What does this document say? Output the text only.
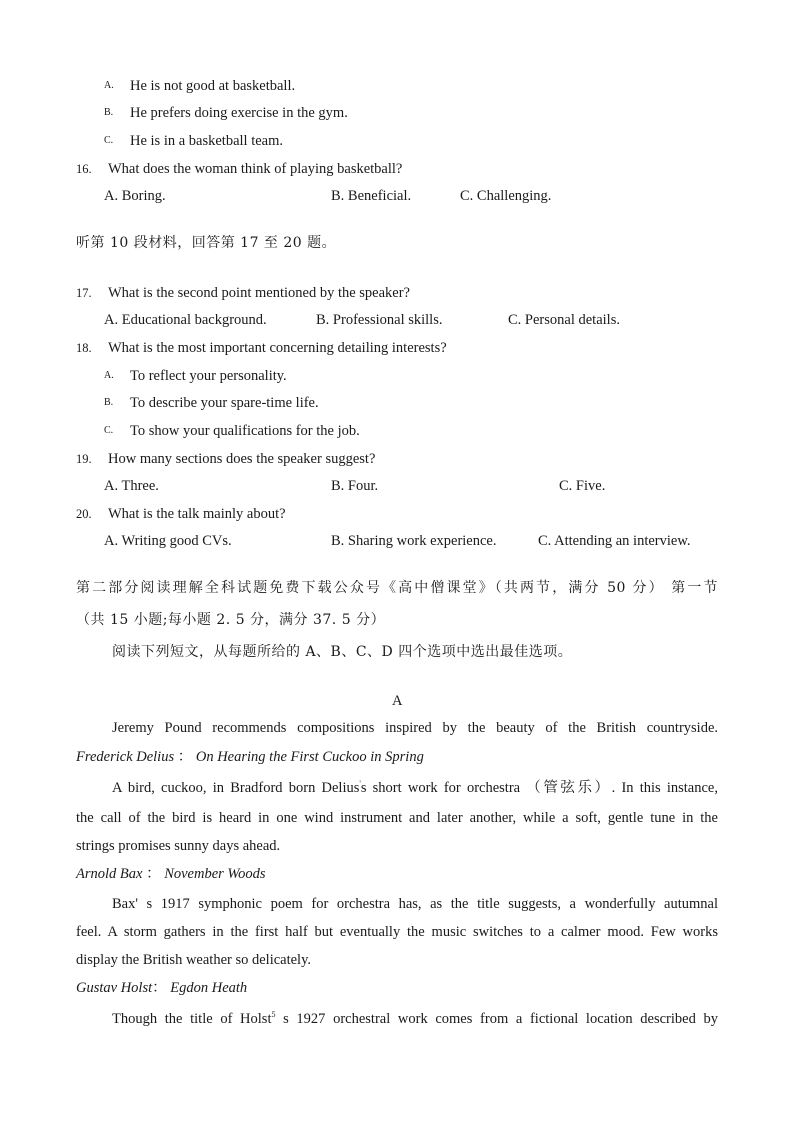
A. He is not good at basketball.
B. He prefers doing exercise in the gym.
C. He is in a basketball team.
16. What does the woman think of playing basketball?
A. Boring.	B. Beneficial.	C. Challenging.
听第 10 段材料，回答第 17 至 20 题。
17. What is the second point mentioned by the speaker?
A. Educational background.	B. Professional skills.	C. Personal details.
18. What is the most important concerning detailing interests?
A. To reflect your personality.
B. To describe your spare-time life.
C. To show your qualifications for the job.
19. How many sections does the speaker suggest?
A. Three.	B. Four.	C. Five.
20. What is the talk mainly about?
A. Writing good CVs.	B. Sharing work experience.	C. Attending an interview.
第二部分阅读理解全科试题免费下载公众号《高中僧课堂》（共两节，满分 50 分） 第一节
（共 15 小题;每小题 2. 5 分，满分 37. 5 分）
阅读下列短文，从每题所给的 A、B、C、D 四个选项中选出最佳选项。
A
Jeremy Pound recommends compositions inspired by the beauty of the British countryside.
Frederick Delius ： On Hearing the First Cuckoo in Spring
A bird, cuckoo, in Bradford born Delius's short work for orchestra （管弦乐）. In this instance,
the call of the bird is heard in one wind instrument and later another, while a soft, gentle tune in the
strings promises sunny days ahead.
Arnold Bax ： November Woods
Bax' s 1917 symphonic poem for orchestra has, as the title suggests, a wonderfully autumnal
feel. A storm gathers in the first half but eventually the music switches to a calmer mood. Few works
display the British weather so delicately.
Gustav Holst： Egdon Heath
Though the title of Holst$^5$ s 1927 orchestral work comes from a fictional location described by
